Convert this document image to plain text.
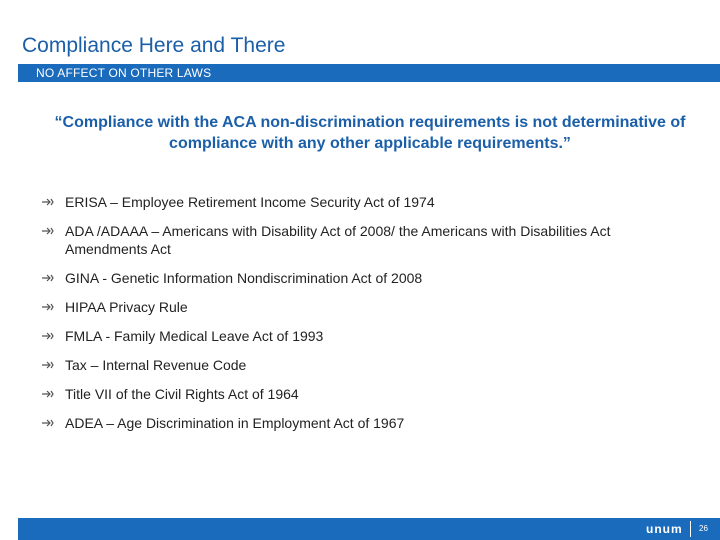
Compliance Here and There
NO AFFECT ON OTHER LAWS
“Compliance with the ACA non-discrimination requirements is not determinative of compliance with any other applicable requirements.”
ERISA – Employee Retirement Income Security Act of 1974
ADA /ADAAA – Americans with Disability Act of 2008/ the Americans with Disabilities Act Amendments Act
GINA - Genetic Information Nondiscrimination Act of 2008
HIPAA Privacy Rule
FMLA - Family Medical Leave Act of 1993
Tax – Internal Revenue Code
Title VII of the Civil Rights Act of 1964
ADEA – Age Discrimination in Employment Act of 1967
unum 26
